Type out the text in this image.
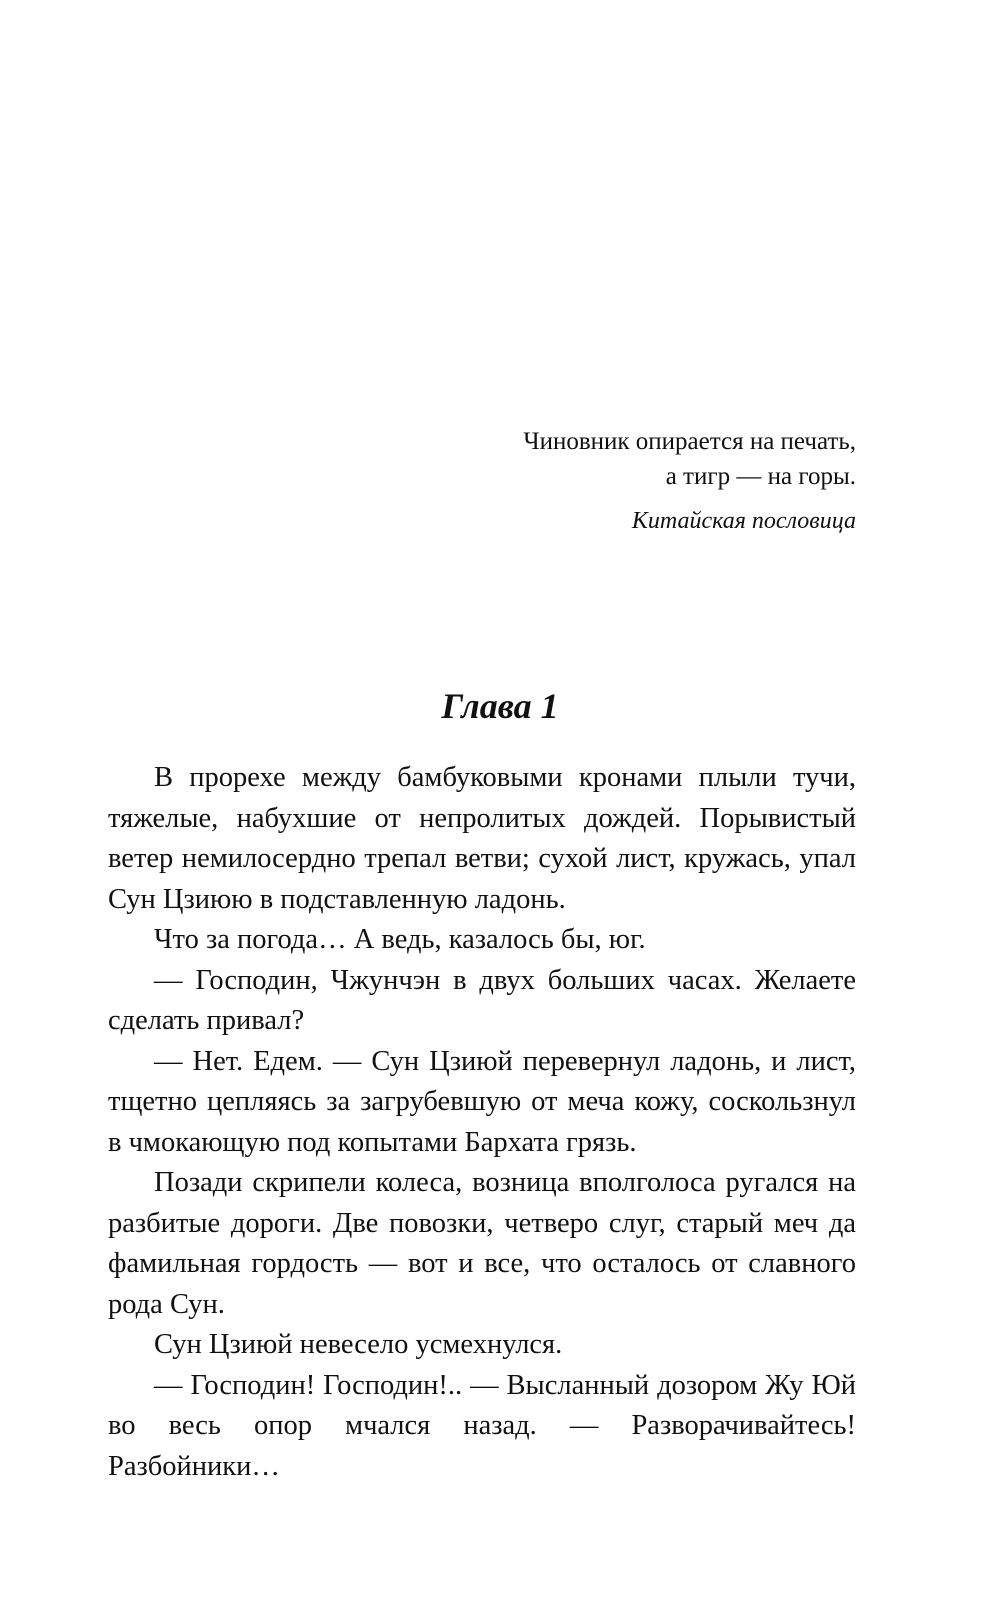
Чиновник опирается на печать,
а тигр — на горы.
Китайская пословица
Глава 1

В прорехе между бамбуковыми кронами плыли тучи, тяжелые, набухшие от непролитых дождей. Порывистый ветер немилосердно трепал ветви; сухой лист, кружась, упал Сун Цзиюю в подставленную ладонь.

Что за погода… А ведь, казалось бы, юг.

— Господин, Чжунчэн в двух больших часах. Желаете сделать привал?

— Нет. Едем. — Сун Цзиюй перевернул ладонь, и лист, тщетно цепляясь за загрубевшую от меча кожу, соскользнул в чмокающую под копытами Бархата грязь.

Позади скрипели колеса, возница вполголоса ругался на разбитые дороги. Две повозки, четверо слуг, старый меч да фамильная гордость — вот и все, что осталось от славного рода Сун.

Сун Цзиюй невесело усмехнулся.

— Господин! Господин!.. — Высланный дозором Жу Юй во весь опор мчался назад. — Разворачивайтесь! Разбойники…
